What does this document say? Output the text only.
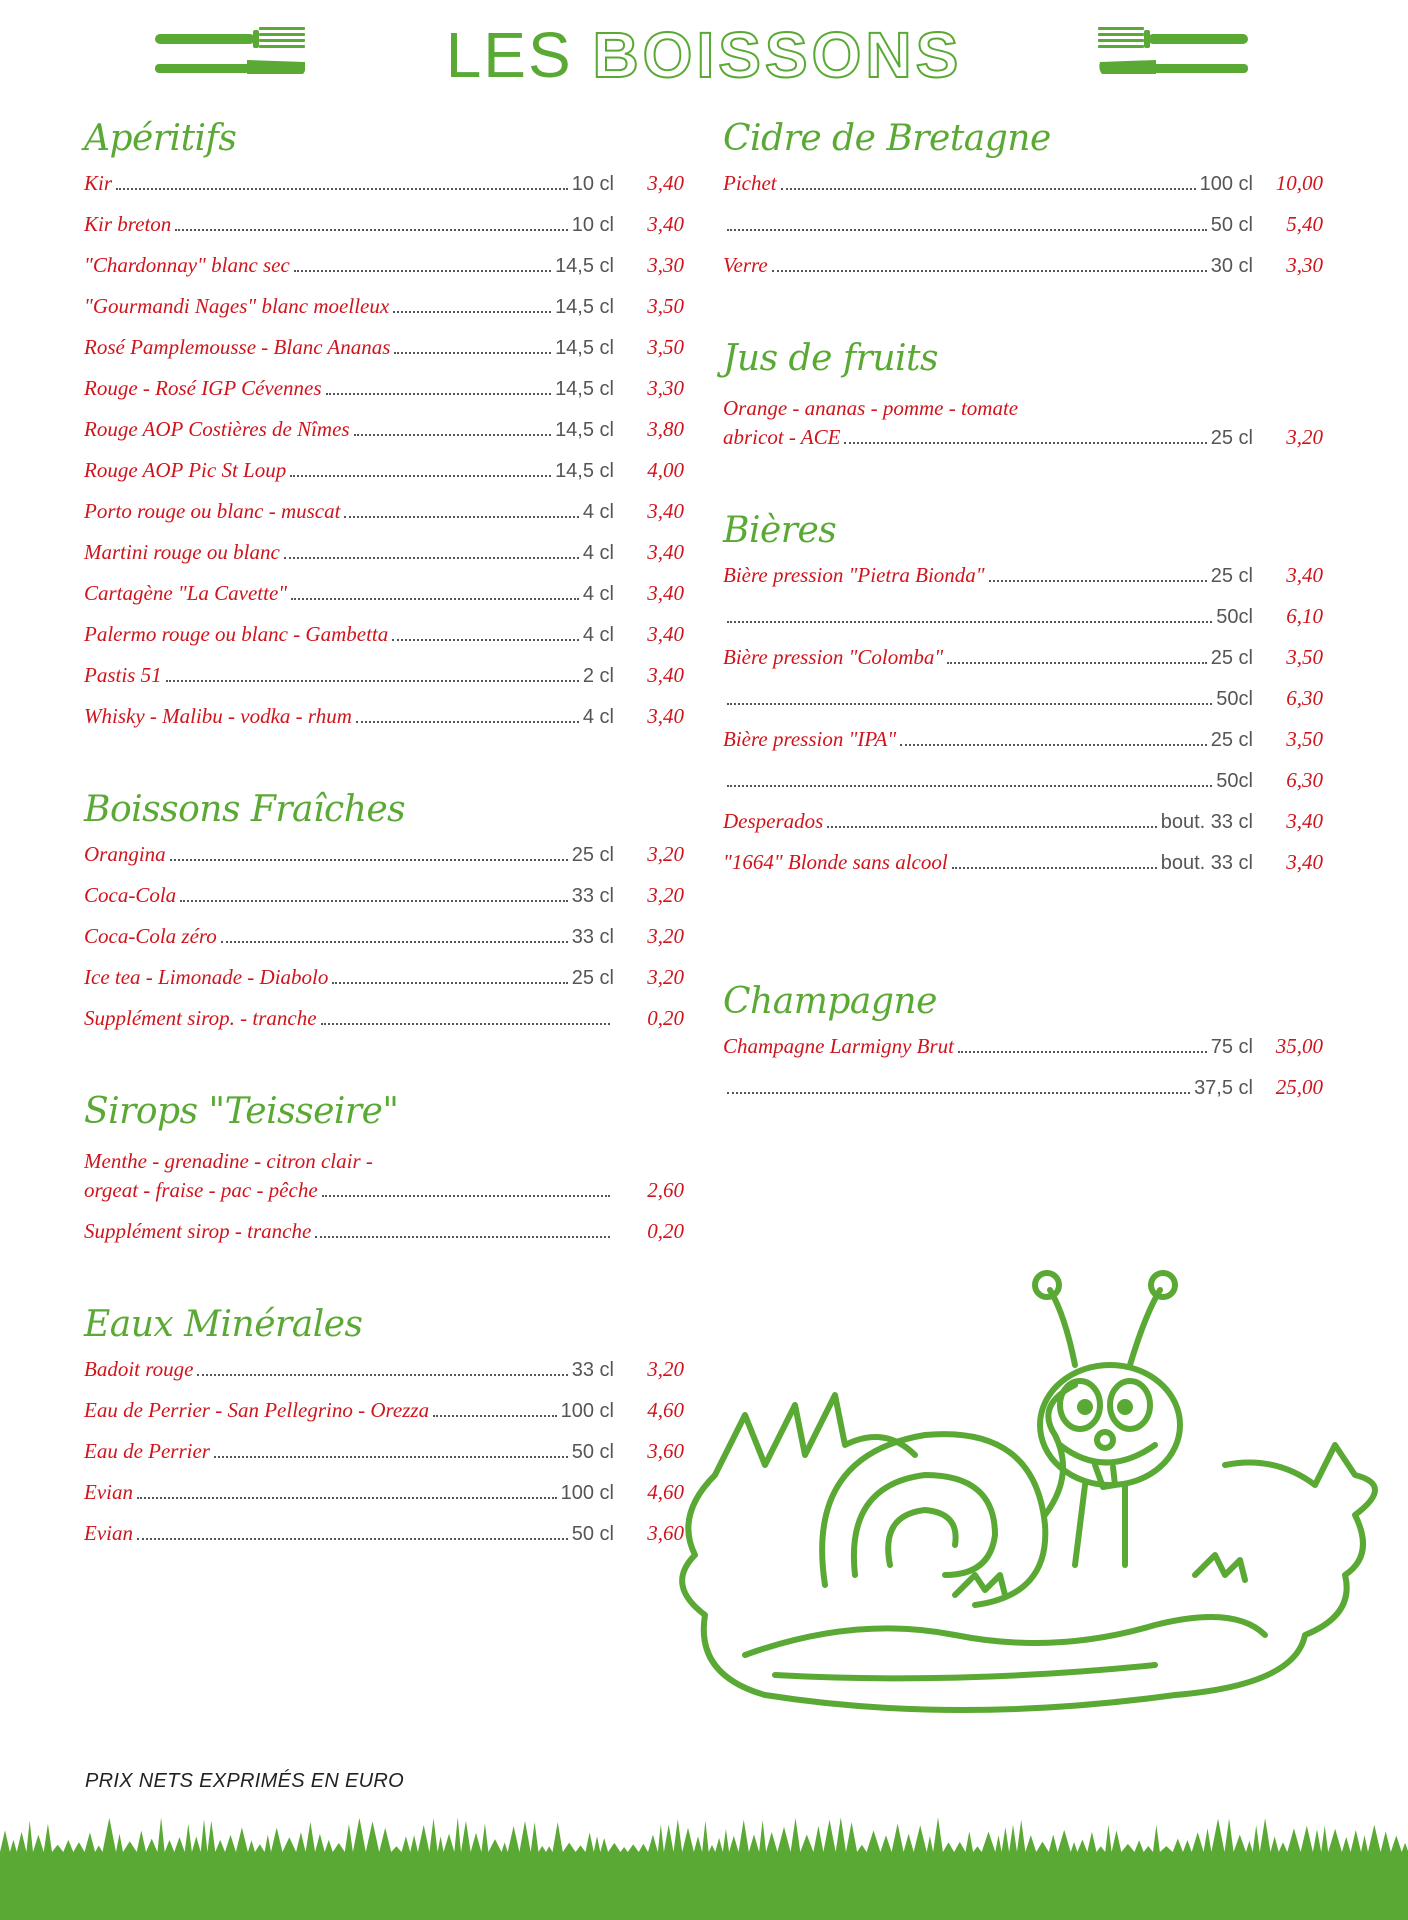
LES BOISSONS
Apéritifs
Kir	10 cl	3,40
Kir breton	10 cl	3,40
"Chardonnay" blanc sec	14,5 cl	3,30
"Gourmandi Nages" blanc moelleux	14,5 cl	3,50
Rosé Pamplemousse - Blanc Ananas	14,5 cl	3,50
Rouge - Rosé IGP Cévennes	14,5 cl	3,30
Rouge AOP Costières de Nîmes	14,5 cl	3,80
Rouge AOP Pic St Loup	14,5 cl	4,00
Porto rouge ou blanc - muscat	4 cl	3,40
Martini rouge ou blanc	4 cl	3,40
Cartagène "La Cavette"	4 cl	3,40
Palermo rouge ou blanc - Gambetta	4 cl	3,40
Pastis 51	2 cl	3,40
Whisky - Malibu - vodka - rhum	4 cl	3,40
Boissons Fraîches
Orangina	25 cl	3,20
Coca-Cola	33 cl	3,20
Coca-Cola zéro	33 cl	3,20
Ice tea - Limonade - Diabolo	25 cl	3,20
Supplément sirop. - tranche	0,20
Sirops "Teisseire"
Menthe - grenadine - citron clair -
orgeat - fraise - pac - pêche	2,60
Supplément sirop - tranche	0,20
Eaux Minérales
Badoit rouge	33 cl	3,20
Eau de Perrier - San Pellegrino - Orezza	100 cl	4,60
Eau de Perrier	50 cl	3,60
Evian	100 cl	4,60
Evian	50 cl	3,60
Cidre de Bretagne
Pichet	100 cl	10,00
50 cl	5,40
Verre	30 cl	3,30
Jus de fruits
Orange - ananas - pomme - tomate
abricot - ACE	25 cl	3,20
Bières
Bière pression "Pietra Bionda"	25 cl	3,40
50cl	6,10
Bière pression "Colomba"	25 cl	3,50
50cl	6,30
Bière pression "IPA"	25 cl	3,50
50cl	6,30
Desperados	bout. 33 cl	3,40
"1664" Blonde sans alcool	bout. 33 cl	3,40
Champagne
Champagne Larmigny Brut	75 cl	35,00
37,5 cl	25,00
PRIX NETS EXPRIMÉS EN EURO
